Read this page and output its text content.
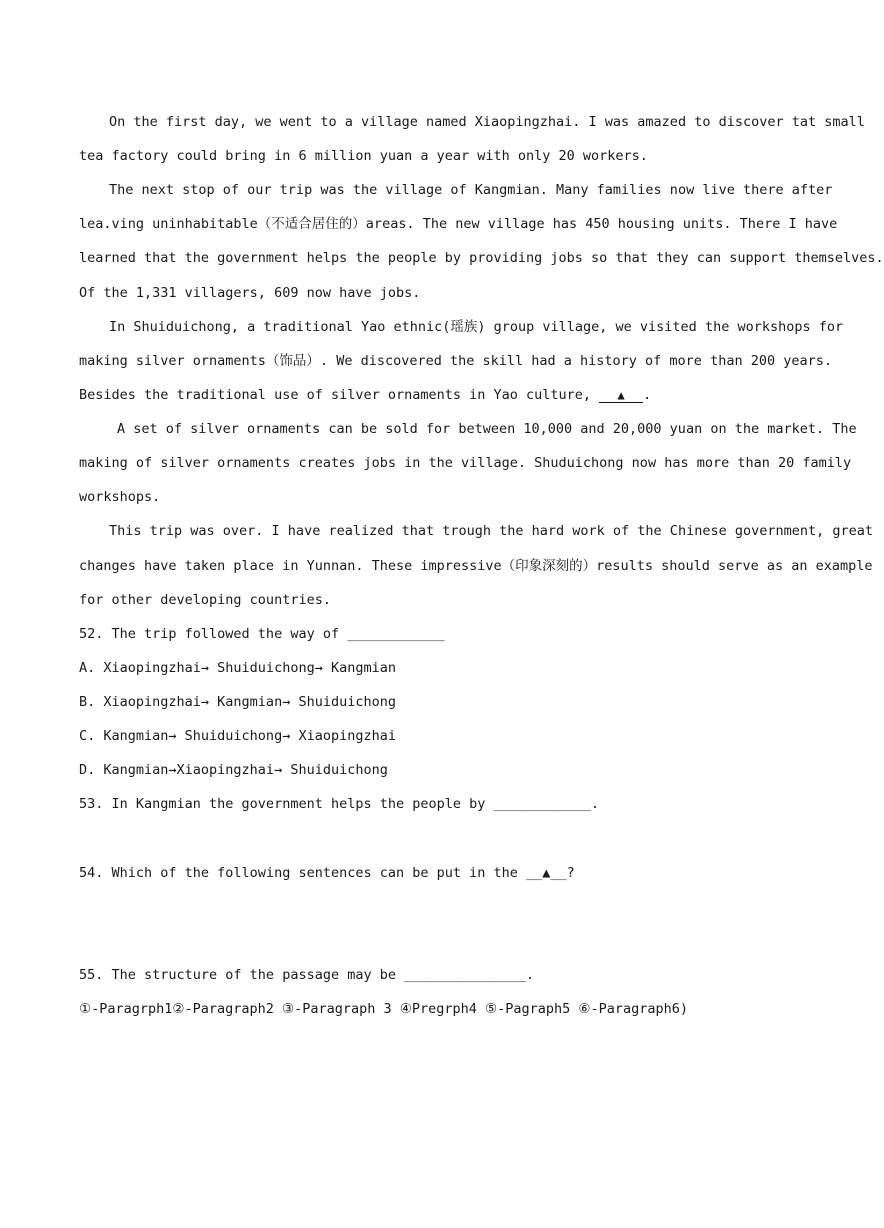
On the first day, we went to a village named Xiaopingzhai. I was amazed to discover tat small
tea factory could bring in 6 million yuan a year with only 20 workers.
The next stop of our trip was the village of Kangmian. Many families now live there after
lea.ving uninhabitable（不适合居住的）areas. The new village has 450 housing units. There I have
learned that the government helps the people by providing jobs so that they can support themselves.
Of the 1,331 villagers, 609 now have jobs.
In Shuiduichong, a traditional Yao ethnic(瑶族) group village, we visited the workshops for
making silver ornaments（饰品）. We discovered the skill had a history of more than 200 years.
Besides the traditional use of silver ornaments in Yao culture, ▲ .
A set of silver ornaments can be sold for between 10,000 and 20,000 yuan on the market. The
making of silver ornaments creates jobs in the village. Shuduichong now has more than 20 family
workshops.
This trip was over. I have realized that trough the hard work of the Chinese government, great
changes have taken place in Yunnan. These impressive（印象深刻的）results should serve as an example
for other developing countries.
52. The trip followed the way of ____________
A. Xiaopingzhai→ Shuiduichong→ Kangmian
B. Xiaopingzhai→ Kangmian→ Shuiduichong
C. Kangmian→ Shuiduichong→ Xiaopingzhai
D. Kangmian→Xiaopingzhai→ Shuiduichong
53. In Kangmian the government helps the people by ____________.
54. Which of the following sentences can be put in the __▲__?
55. The structure of the passage may be _______________.
①-Paragrph1②-Paragraph2 ③-Paragraph 3 ④Pregrph4 ⑤-Pagraph5 ⑥-Paragraph6)
